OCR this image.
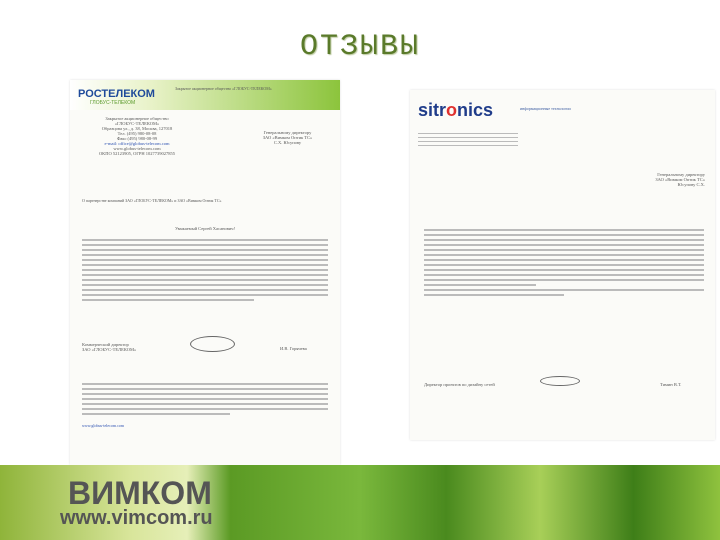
ОТЗЫВЫ
РОСТЕЛЕКОМ
ГЛОБУС-ТЕЛЕКОМ
Закрытое акционерное общество «ГЛОБУС-ТЕЛЕКОМ»
Закрытое акционерное общество
«ГЛОБУС-ТЕЛЕКОМ»
Образцова ул., д. 38, Москва, 127018
Тел. (495) 980-08-08
Факс (495) 980-08-99
e-mail: office@globus-telecom.com
www.globus-telecom.com
ОКПО 52123905, ОГРН 1027739027855
Генеральному директору
ЗАО «Вимком Оптик ТС»
С.Х. Юсупову
О партнерстве компаний ЗАО «ГЛОБУС-ТЕЛЕКОМ» и ЗАО «Вимком Оптик ТС»
Уважаемый Сергей Хасанович!
Коммерческий директор
ЗАО «ГЛОБУС-ТЕЛЕКОМ»	И.В. Горячева
www.globus-telecom.com
sitronics	информационные технологии
Генеральному директору
ЗАО «Вимком Оптик ТС»
Юсупову С.Х.
Директор проектов по дизайну сетей	Тимин В.Т.
ВИМКОМ
www.vimcom.ru
